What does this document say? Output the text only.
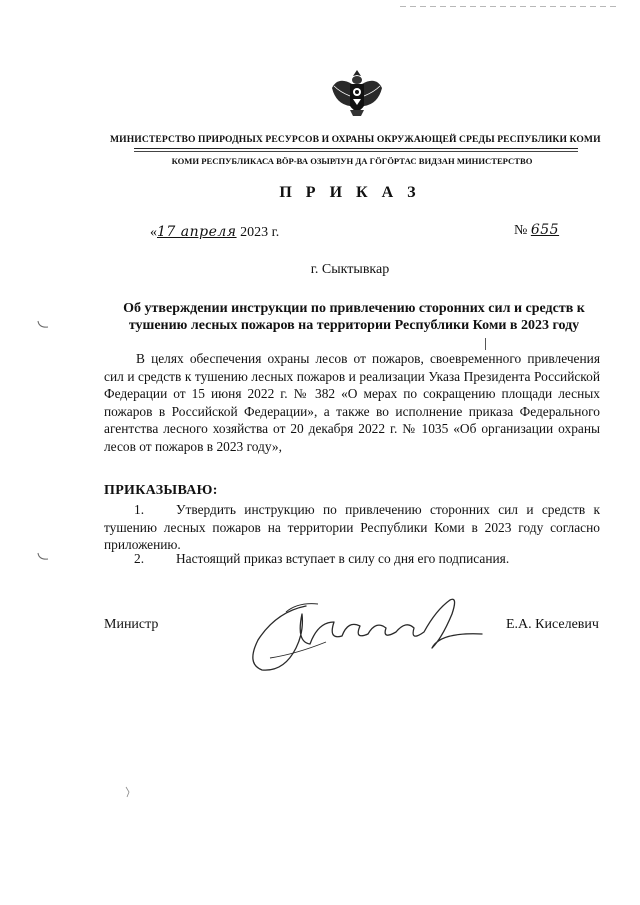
МИНИСТЕРСТВО ПРИРОДНЫХ РЕСУРСОВ И ОХРАНЫ ОКРУЖАЮЩЕЙ СРЕДЫ РЕСПУБЛИКИ КОМИ
КОМИ РЕСПУБЛИКАСА ВӦР-ВА ОЗЫРЛУН ДА ГӦГӦРТАС ВИДЗАН МИНИСТЕРСТВО
П Р И К А З
«17 апреля 2023 г.	№ 655
г. Сыктывкар
Об утверждении инструкции по привлечению сторонних сил и средств к тушению лесных пожаров на территории Республики Коми в 2023 году
В целях обеспечения охраны лесов от пожаров, своевременного привлечения сил и средств к тушению лесных пожаров и реализации Указа Президента Российской Федерации от 15 июня 2022 г. № 382 «О мерах по сокращению площади лесных пожаров в Российской Федерации», а также во исполнение приказа Федерального агентства лесного хозяйства от 20 декабря 2022 г. № 1035 «Об организации охраны лесов от пожаров в 2023 году»,
ПРИКАЗЫВАЮ:
1. Утвердить инструкцию по привлечению сторонних сил и средств к тушению лесных пожаров на территории Республики Коми в 2023 году согласно приложению.
2. Настоящий приказ вступает в силу со дня его подписания.
Министр	Е.А. Киселевич
